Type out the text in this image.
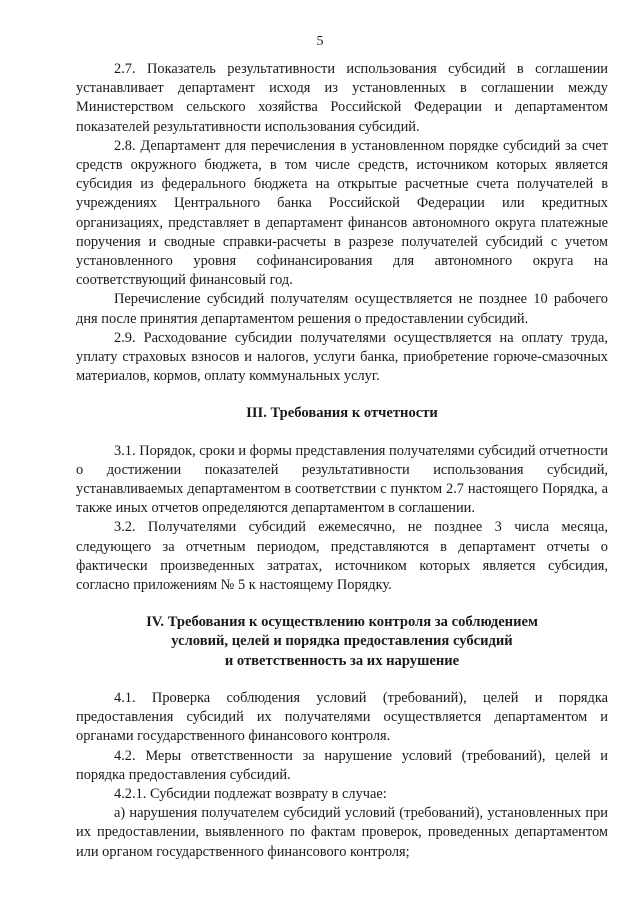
5

2.7. Показатель результативности использования субсидий в соглашении устанавливает департамент исходя из установленных в соглашении между Министерством сельского хозяйства Российской Федерации и департаментом показателей результативности использования субсидий.

2.8. Департамент для перечисления в установленном порядке субсидий за счет средств окружного бюджета, в том числе средств, источником которых является субсидия из федерального бюджета на открытые расчетные счета получателей в учреждениях Центрального банка Российской Федерации или кредитных организациях, представляет в департамент финансов автономного округа платежные поручения и сводные справки-расчеты в разрезе получателей субсидий с учетом установленного уровня софинансирования для автономного округа на соответствующий финансовый год.

Перечисление субсидий получателям осуществляется не позднее 10 рабочего дня после принятия департаментом решения о предоставлении субсидий.

2.9. Расходование субсидии получателями осуществляется на оплату труда, уплату страховых взносов и налогов, услуги банка, приобретение горюче-смазочных материалов, кормов, оплату коммунальных услуг.

III. Требования к отчетности

3.1. Порядок, сроки и формы представления получателями субсидий отчетности о достижении показателей результативности использования субсидий, устанавливаемых департаментом в соответствии с пунктом 2.7 настоящего Порядка, а также иных отчетов определяются департаментом в соглашении.

3.2. Получателями субсидий ежемесячно, не позднее 3 числа месяца, следующего за отчетным периодом, представляются в департамент отчеты о фактически произведенных затратах, источником которых является субсидия, согласно приложениям № 5 к настоящему Порядку.

IV. Требования к осуществлению контроля за соблюдением

условий, целей и порядка предоставления субсидий

и ответственность за их нарушение

4.1. Проверка соблюдения условий (требований), целей и порядка предоставления субсидий их получателями осуществляется департаментом и органами государственного финансового контроля.

4.2. Меры ответственности за нарушение условий (требований), целей и порядка предоставления субсидий.

4.2.1. Субсидии подлежат возврату в случае:

а) нарушения получателем субсидий условий (требований), установленных при их предоставлении, выявленного по фактам проверок, проведенных департаментом или органом государственного финансового контроля;
